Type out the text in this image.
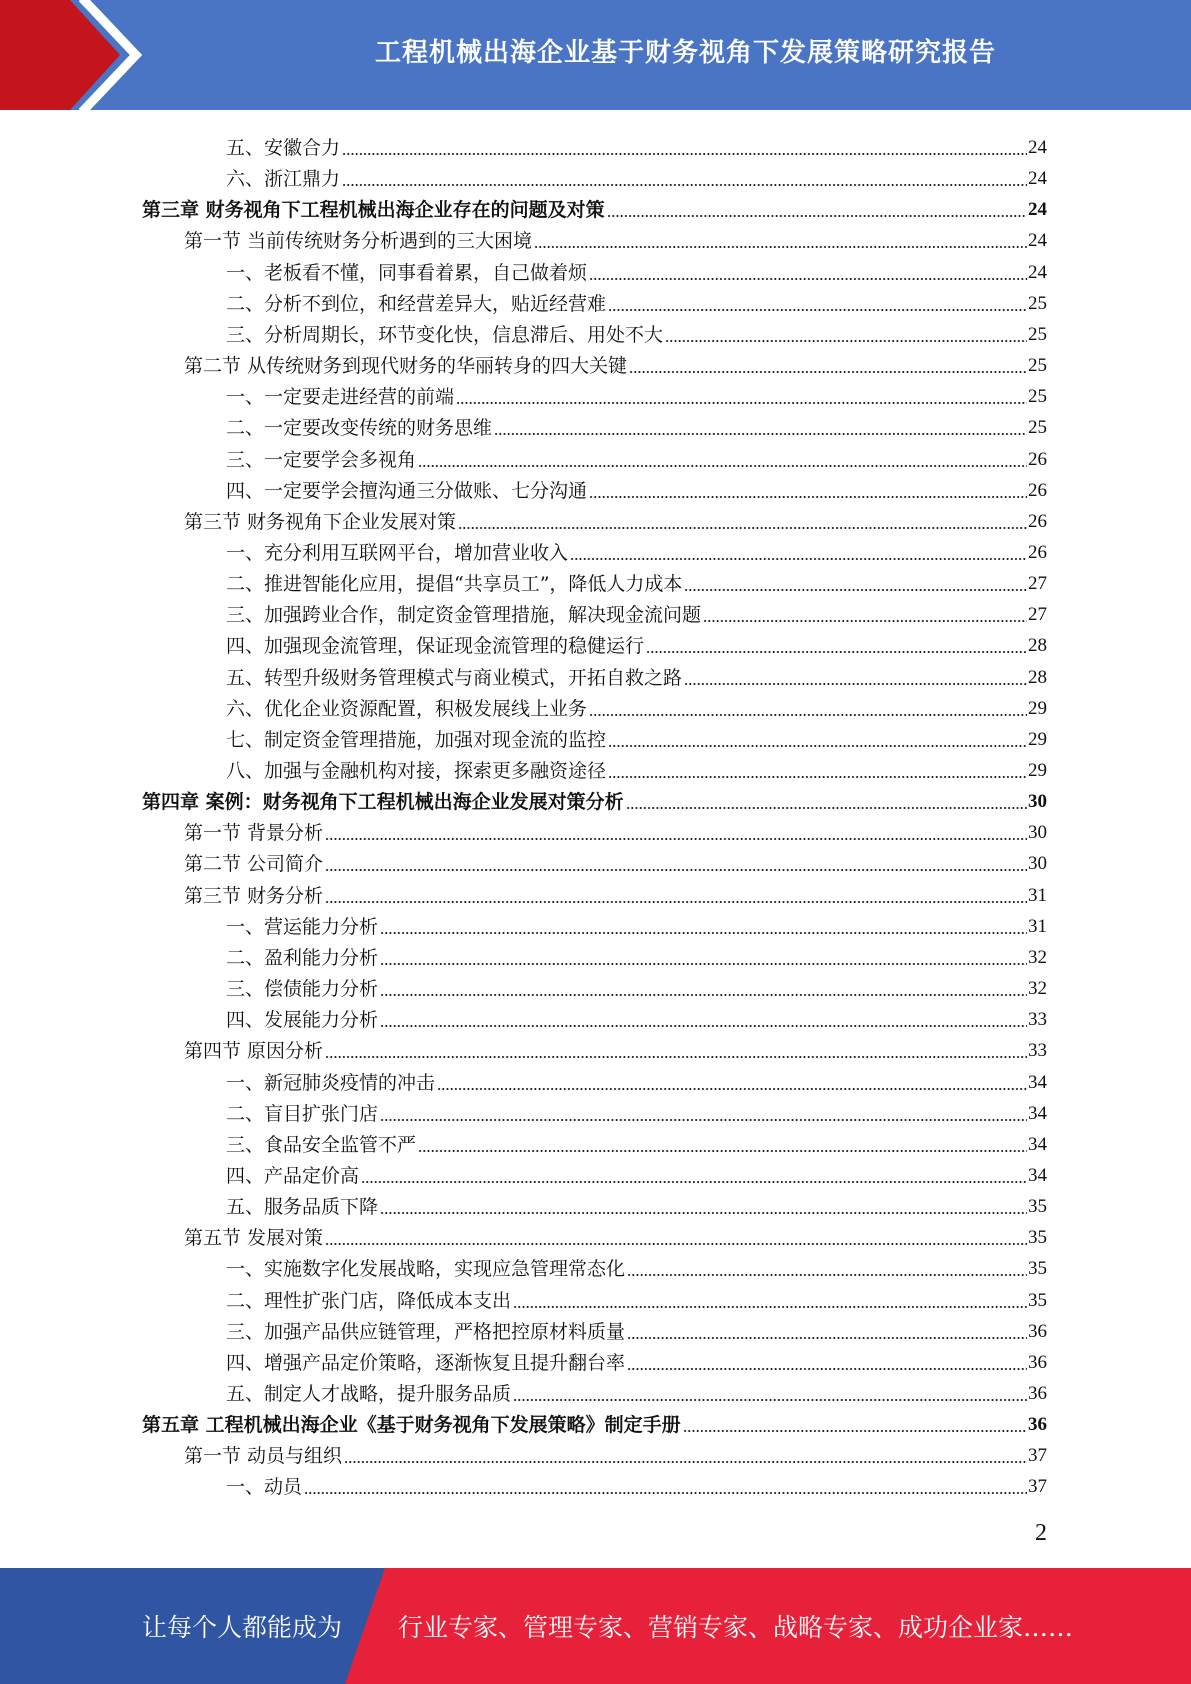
工程机械出海企业基于财务视角下发展策略研究报告
五、安徽合力	24
六、浙江鼎力	24
第三章 财务视角下工程机械出海企业存在的问题及对策	24
第一节 当前传统财务分析遇到的三大困境	24
一、老板看不懂，同事看着累，自己做着烦	24
二、分析不到位，和经营差异大，贴近经营难	25
三、分析周期长，环节变化快，信息滞后、用处不大	25
第二节 从传统财务到现代财务的华丽转身的四大关键	25
一、一定要走进经营的前端	25
二、一定要改变传统的财务思维	25
三、一定要学会多视角	26
四、一定要学会擅沟通三分做账、七分沟通	26
第三节 财务视角下企业发展对策	26
一、充分利用互联网平台，增加营业收入	26
二、推进智能化应用，提倡“共享员工”，降低人力成本	27
三、加强跨业合作，制定资金管理措施，解决现金流问题	27
四、加强现金流管理，保证现金流管理的稳健运行	28
五、转型升级财务管理模式与商业模式，开拓自救之路	28
六、优化企业资源配置，积极发展线上业务	29
七、制定资金管理措施，加强对现金流的监控	29
八、加强与金融机构对接，探索更多融资途径	29
第四章 案例：财务视角下工程机械出海企业发展对策分析	30
第一节 背景分析	30
第二节 公司简介	30
第三节 财务分析	31
一、营运能力分析	31
二、盈利能力分析	32
三、偿债能力分析	32
四、发展能力分析	33
第四节 原因分析	33
一、新冠肺炎疫情的冲击	34
二、盲目扩张门店	34
三、食品安全监管不严	34
四、产品定价高	34
五、服务品质下降	35
第五节 发展对策	35
一、实施数字化发展战略，实现应急管理常态化	35
二、理性扩张门店，降低成本支出	35
三、加强产品供应链管理，严格把控原材料质量	36
四、增强产品定价策略，逐渐恢复且提升翻台率	36
五、制定人才战略，提升服务品质	36
第五章 工程机械出海企业《基于财务视角下发展策略》制定手册	36
第一节 动员与组织	37
一、动员	37
2
让每个人都能成为 行业专家、管理专家、营销专家、战略专家、成功企业家……
